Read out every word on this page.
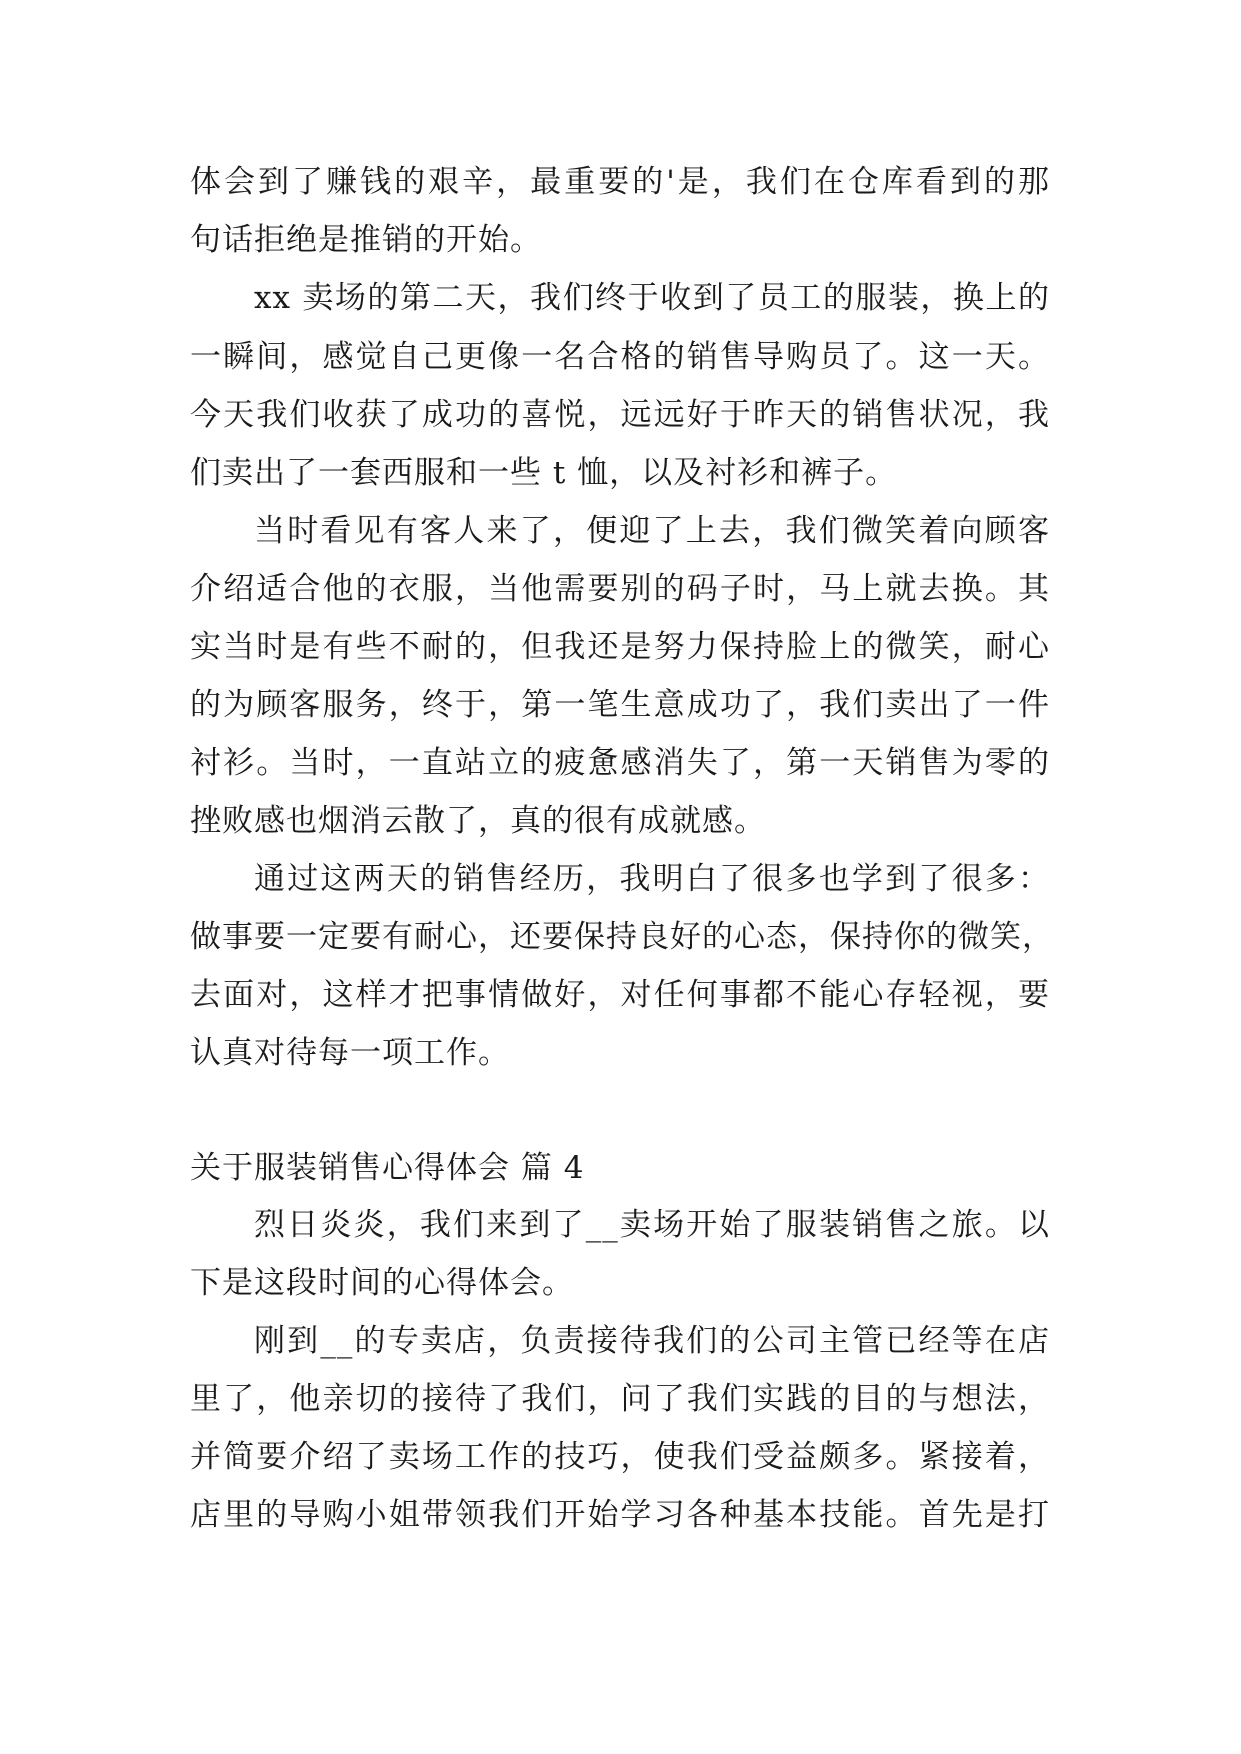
体会到了赚钱的艰辛，最重要的'是，我们在仓库看到的那
句话拒绝是推销的开始。
xx 卖场的第二天，我们终于收到了员工的服装，换上的
一瞬间，感觉自己更像一名合格的销售导购员了。这一天。
今天我们收获了成功的喜悦，远远好于昨天的销售状况，我
们卖出了一套西服和一些 t 恤，以及衬衫和裤子。
当时看见有客人来了，便迎了上去，我们微笑着向顾客
介绍适合他的衣服，当他需要别的码子时，马上就去换。其
实当时是有些不耐的，但我还是努力保持脸上的微笑，耐心
的为顾客服务，终于，第一笔生意成功了，我们卖出了一件
衬衫。当时，一直站立的疲惫感消失了，第一天销售为零的
挫败感也烟消云散了，真的很有成就感。
通过这两天的销售经历，我明白了很多也学到了很多：
做事要一定要有耐心，还要保持良好的心态，保持你的微笑，
去面对，这样才把事情做好，对任何事都不能心存轻视，要
认真对待每一项工作。
关于服装销售心得体会 篇 4
烈日炎炎，我们来到了__卖场开始了服装销售之旅。以
下是这段时间的心得体会。
刚到__的专卖店，负责接待我们的公司主管已经等在店
里了，他亲切的接待了我们，问了我们实践的目的与想法，
并简要介绍了卖场工作的技巧，使我们受益颇多。紧接着，
店里的导购小姐带领我们开始学习各种基本技能。首先是打
